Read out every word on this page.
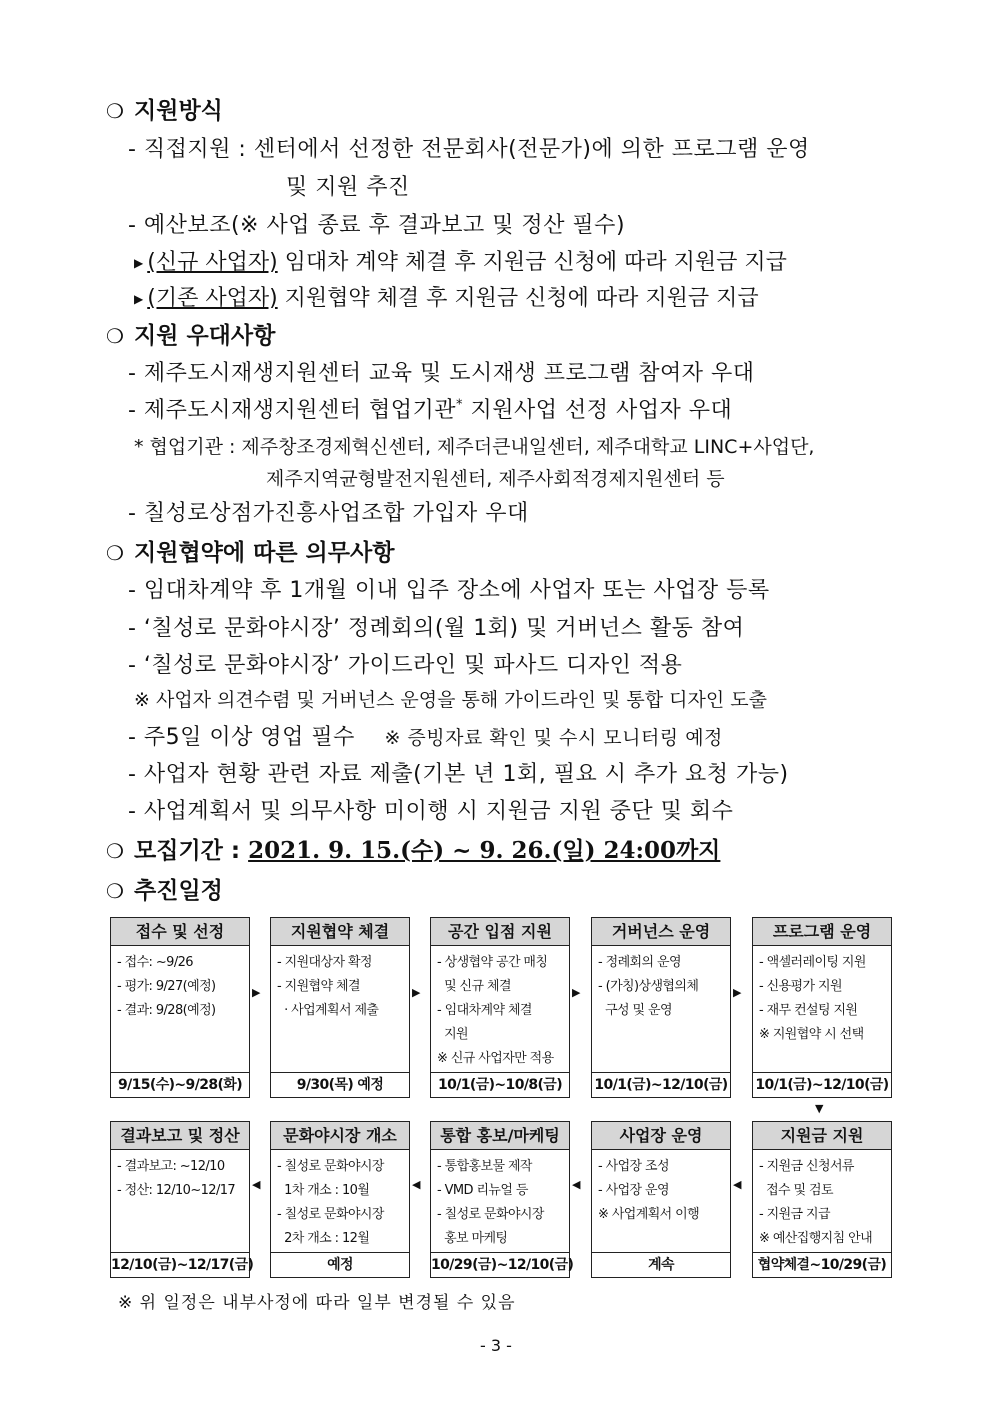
❍ 지원방식
- 직접지원 : 센터에서 선정한 전문회사(전문가)에 의한 프로그램 운영
및 지원 추진
- 예산보조(※ 사업 종료 후 결과보고 및 정산 필수)
▶ (신규 사업자) 임대차 계약 체결 후 지원금 신청에 따라 지원금 지급
▶ (기존 사업자) 지원협약 체결 후 지원금 신청에 따라 지원금 지급
❍ 지원 우대사항
- 제주도시재생지원센터 교육 및 도시재생 프로그램 참여자 우대
- 제주도시재생지원센터 협업기관* 지원사업 선정 사업자 우대
* 협업기관 : 제주창조경제혁신센터, 제주더큰내일센터, 제주대학교 LINC+사업단,
제주지역균형발전지원센터, 제주사회적경제지원센터 등
- 칠성로상점가진흥사업조합 가입자 우대
❍ 지원협약에 따른 의무사항
- 임대차계약 후 1개월 이내 입주 장소에 사업자 또는 사업장 등록
- ‘칠성로 문화야시장’ 정례회의(월 1회) 및 거버넌스 활동 참여
- ‘칠성로 문화야시장’ 가이드라인 및 파사드 디자인 적용
※ 사업자 의견수렴 및 거버넌스 운영을 통해 가이드라인 및 통합 디자인 도출
- 주5일 이상 영업 필수 ※ 증빙자료 확인 및 수시 모니터링 예정
- 사업자 현황 관련 자료 제출(기본 년 1회, 필요 시 추가 요청 가능)
- 사업계획서 및 의무사항 미이행 시 지원금 지원 중단 및 회수
❍ 모집기간 : 2021. 9. 15.(수) ~ 9. 26.(일) 24:00까지
❍ 추진일정
접수 및 선정
- 접수: ~9/26
- 평가: 9/27(예정)
- 결과: 9/28(예정)
9/15(수)~9/28(화)
지원협약 체결
- 지원대상자 확정
- 지원협약 체결
· 사업계획서 제출
9/30(목) 예정
공간 입점 지원
- 상생협약 공간 매칭
및 신규 체결
- 임대차계약 체결
지원
※ 신규 사업자만 적용
10/1(금)~10/8(금)
거버넌스 운영
- 정례회의 운영
- (가칭)상생협의체
구성 및 운영
10/1(금)~12/10(금)
프로그램 운영
- 액셀러레이팅 지원
- 신용평가 지원
- 재무 컨설팅 지원
※ 지원협약 시 선택
10/1(금)~12/10(금)
결과보고 및 정산
- 결과보고: ~12/10
- 정산: 12/10~12/17
12/10(금)~12/17(금)
문화야시장 개소
- 칠성로 문화야시장
1차 개소 : 10월
- 칠성로 문화야시장
2차 개소 : 12월
예정
통합 홍보/마케팅
- 통합홍보물 제작
- VMD 리뉴얼 등
- 칠성로 문화야시장
홍보 마케팅
10/29(금)~12/10(금)
사업장 운영
- 사업장 조성
- 사업장 운영
※ 사업계획서 이행
계속
지원금 지원
- 지원금 신청서류
접수 및 검토
- 지원금 지급
※ 예산집행지침 안내
협약체결~10/29(금)
▶
◀
▶
◀
▶
◀
▶
◀
▼
※ 위 일정은 내부사정에 따라 일부 변경될 수 있음
- 3 -
